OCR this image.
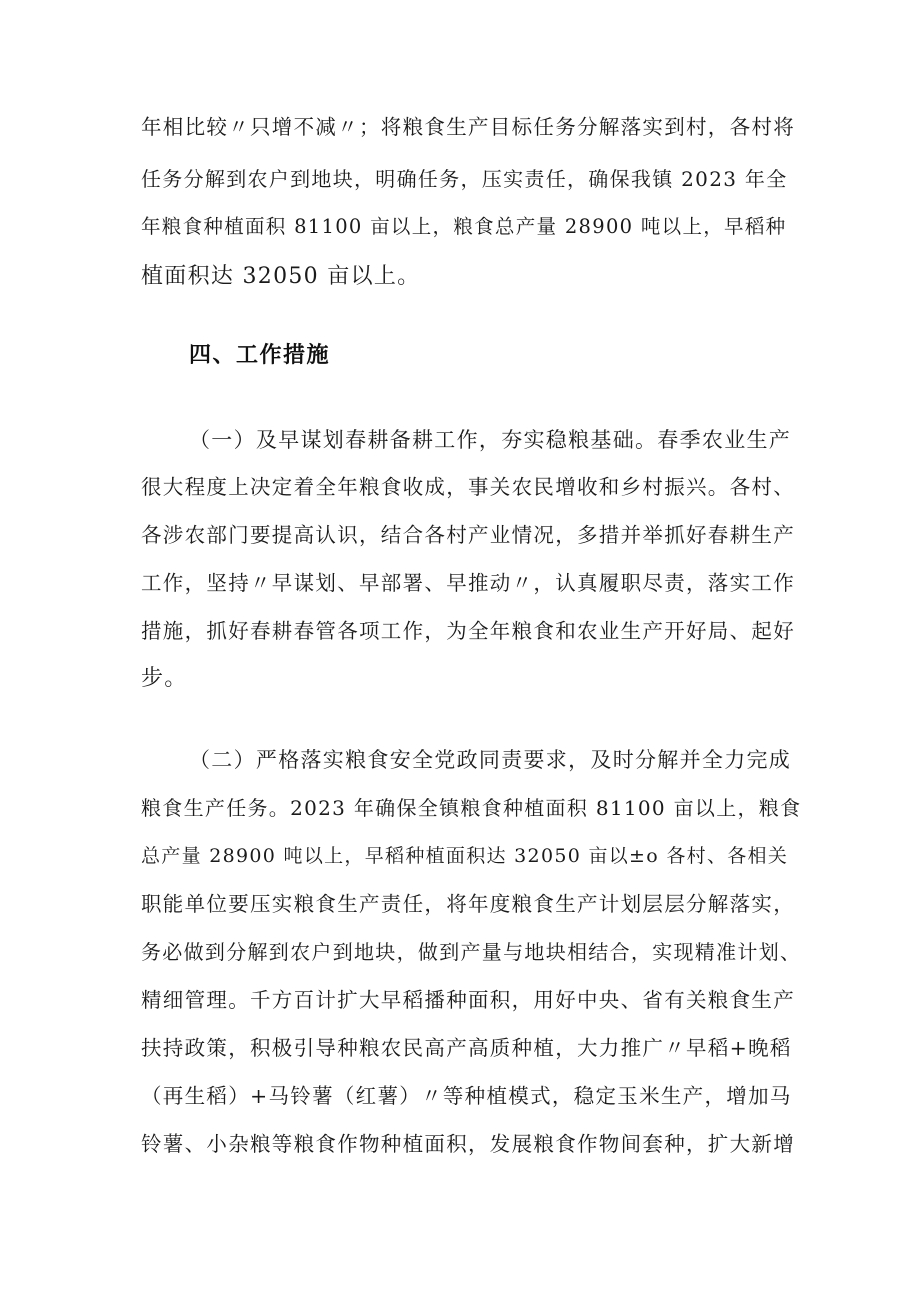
年相比较〃只增不减〃；将粮食生产目标任务分解落实到村，各村将
任务分解到农户到地块，明确任务，压实责任，确保我镇 2023 年全
年粮食种植面积 81100 亩以上，粮食总产量 28900 吨以上，早稻种
植面积达 32050 亩以上。
四、工作措施
（一）及早谋划春耕备耕工作，夯实稳粮基础。春季农业生产
很大程度上决定着全年粮食收成，事关农民增收和乡村振兴。各村、
各涉农部门要提高认识，结合各村产业情况，多措并举抓好春耕生产
工作，坚持〃早谋划、早部署、早推动〃，认真履职尽责，落实工作
措施，抓好春耕春管各项工作，为全年粮食和农业生产开好局、起好
步。
（二）严格落实粮食安全党政同责要求，及时分解并全力完成
粮食生产任务。2023 年确保全镇粮食种植面积 81100 亩以上，粮食
总产量 28900 吨以上，早稻种植面积达 32050 亩以±o 各村、各相关
职能单位要压实粮食生产责任，将年度粮食生产计划层层分解落实，
务必做到分解到农户到地块，做到产量与地块相结合，实现精准计划、
精细管理。千方百计扩大早稻播种面积，用好中央、省有关粮食生产
扶持政策，积极引导种粮农民高产高质种植，大力推广〃早稻+晚稻
（再生稻）+马铃薯（红薯）〃等种植模式，稳定玉米生产，增加马
铃薯、小杂粮等粮食作物种植面积，发展粮食作物间套种，扩大新增
